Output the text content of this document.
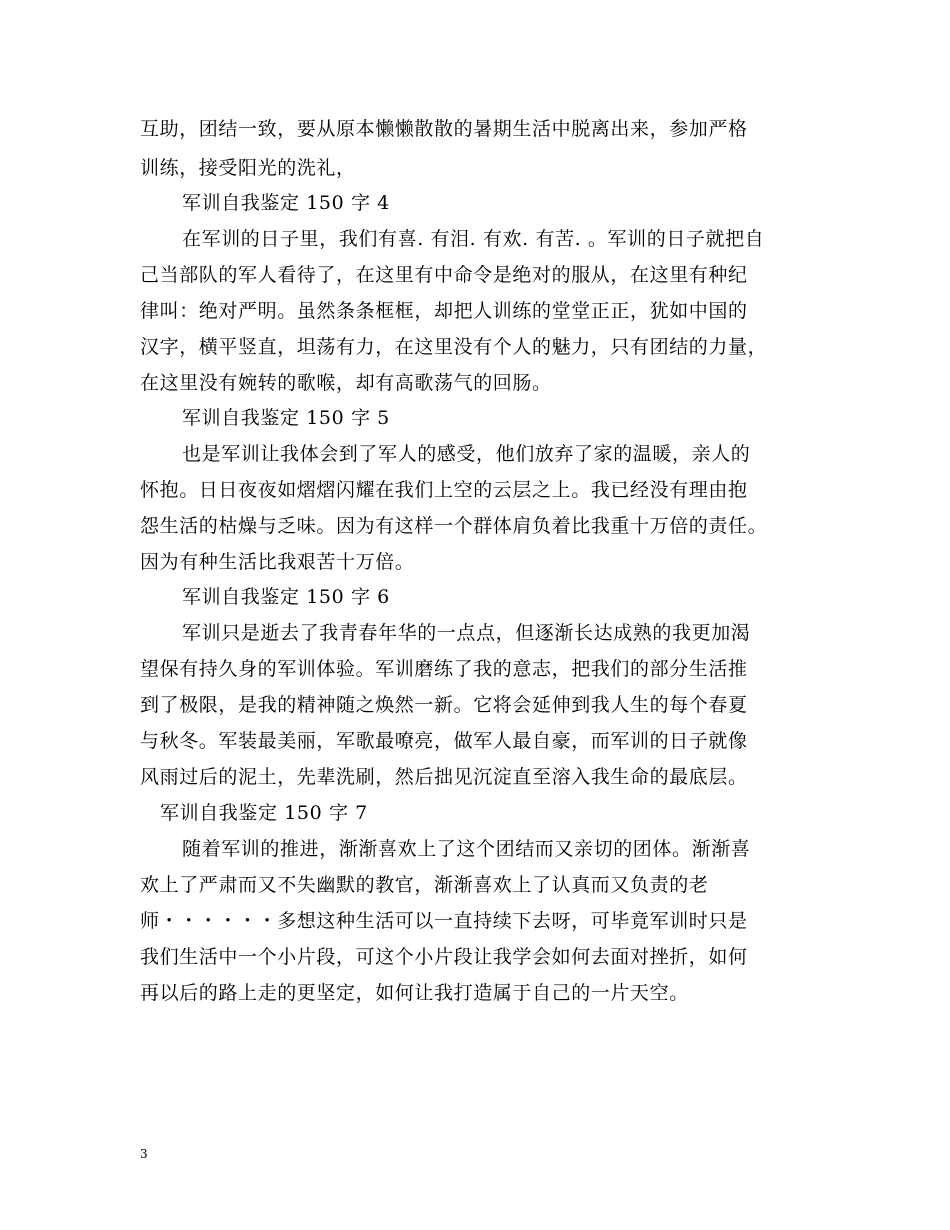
互助，团结一致，要从原本懒懒散散的暑期生活中脱离出来，参加严格
训练，接受阳光的洗礼，
军训自我鉴定 150 字 4
在军训的日子里，我们有喜. 有泪. 有欢. 有苦. 。军训的日子就把自
己当部队的军人看待了，在这里有中命令是绝对的服从，在这里有种纪
律叫：绝对严明。虽然条条框框，却把人训练的堂堂正正，犹如中国的
汉字，横平竖直，坦荡有力，在这里没有个人的魅力，只有团结的力量，
在这里没有婉转的歌喉，却有高歌荡气的回肠。
军训自我鉴定 150 字 5
也是军训让我体会到了军人的感受，他们放弃了家的温暖，亲人的
怀抱。日日夜夜如熠熠闪耀在我们上空的云层之上。我已经没有理由抱
怨生活的枯燥与乏味。因为有这样一个群体肩负着比我重十万倍的责任。
因为有种生活比我艰苦十万倍。
军训自我鉴定 150 字 6
军训只是逝去了我青春年华的一点点，但逐渐长达成熟的我更加渴
望保有持久身的军训体验。军训磨练了我的意志，把我们的部分生活推
到了极限，是我的精神随之焕然一新。它将会延伸到我人生的每个春夏
与秋冬。军装最美丽，军歌最嘹亮，做军人最自豪，而军训的日子就像
风雨过后的泥土，先辈洗刷，然后拙见沉淀直至溶入我生命的最底层。
军训自我鉴定 150 字 7
随着军训的推进，渐渐喜欢上了这个团结而又亲切的团体。渐渐喜
欢上了严肃而又不失幽默的教官，渐渐喜欢上了认真而又负责的老
师・・・・・・多想这种生活可以一直持续下去呀，可毕竟军训时只是
我们生活中一个小片段，可这个小片段让我学会如何去面对挫折，如何
再以后的路上走的更坚定，如何让我打造属于自己的一片天空。
3
